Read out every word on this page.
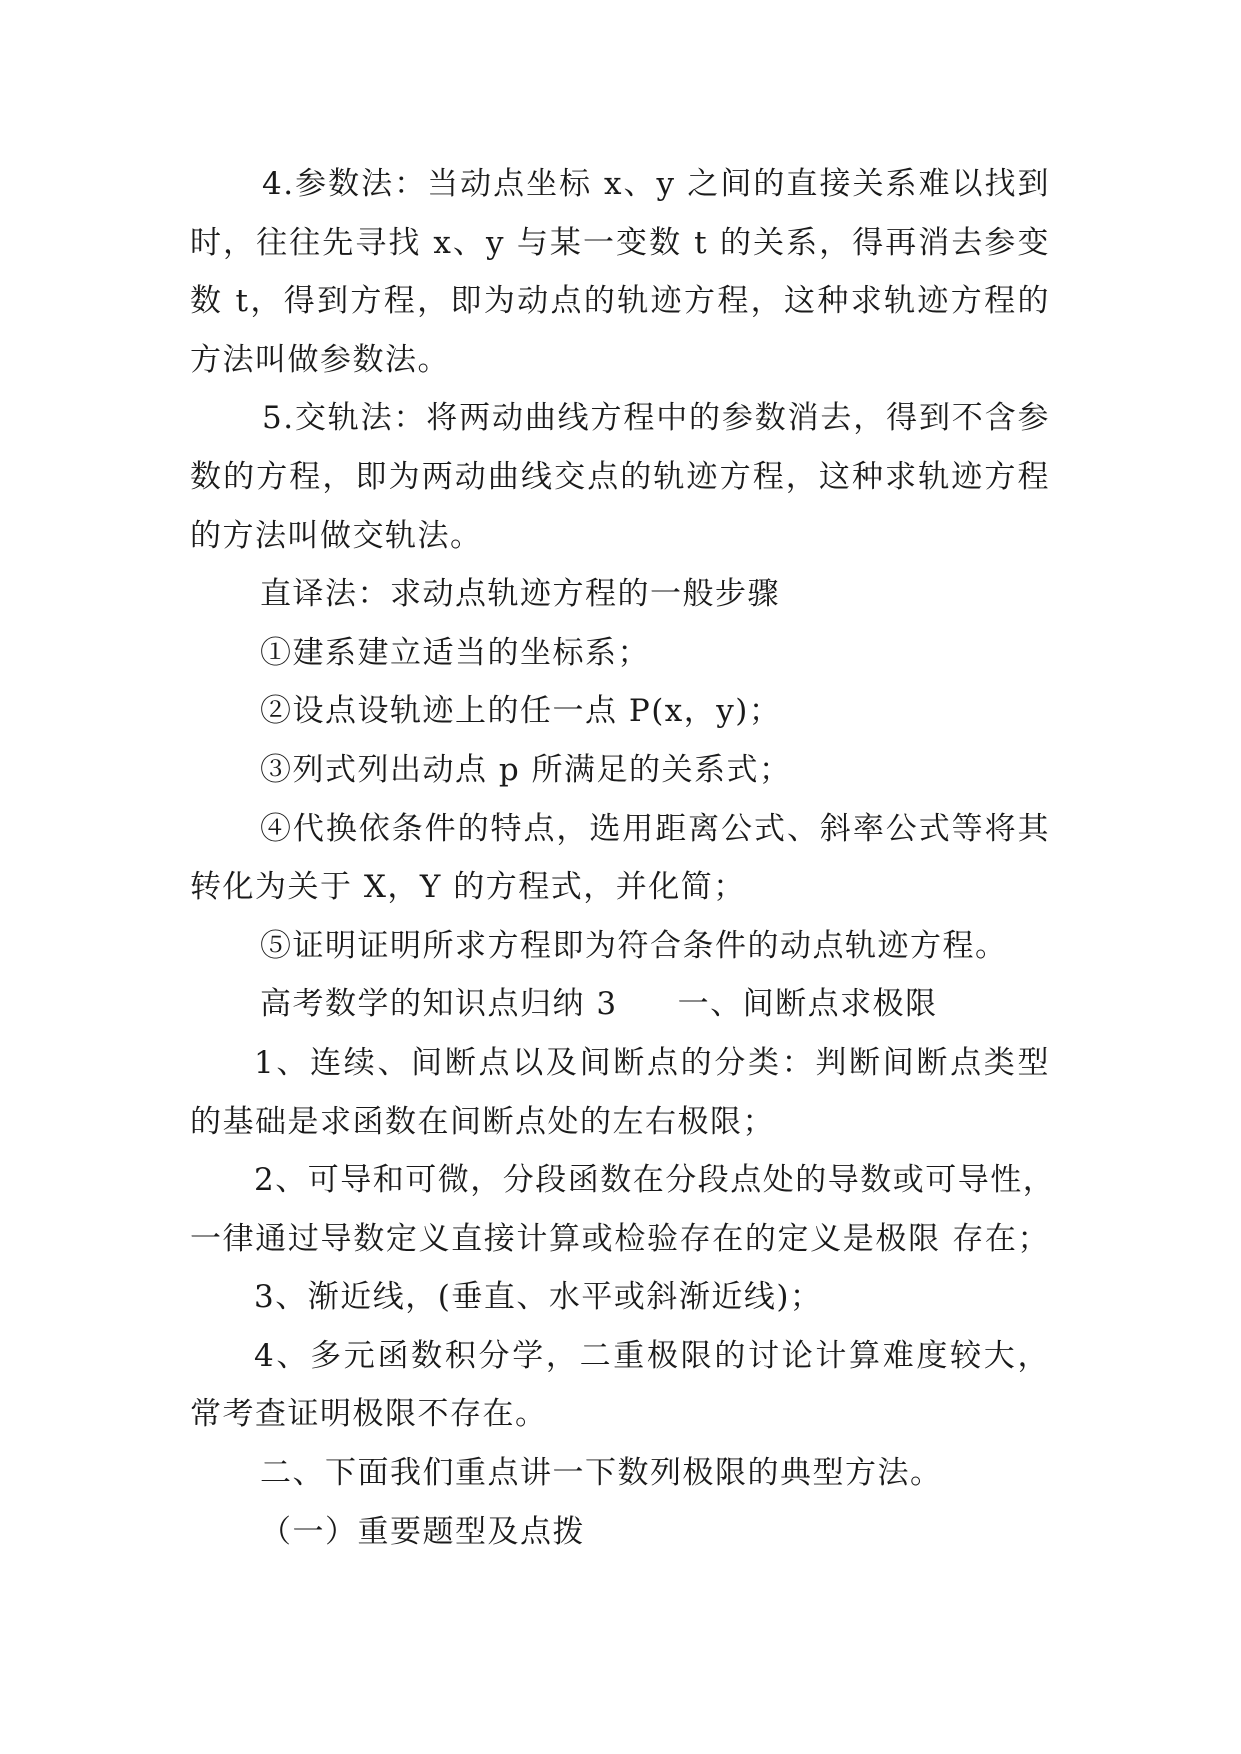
4.参数法：当动点坐标 x、y 之间的直接关系难以找到
时，往往先寻找 x、y 与某一变数 t 的关系，得再消去参变
数 t，得到方程，即为动点的轨迹方程，这种求轨迹方程的
方法叫做参数法。
5.交轨法：将两动曲线方程中的参数消去，得到不含参
数的方程，即为两动曲线交点的轨迹方程，这种求轨迹方程
的方法叫做交轨法。
直译法：求动点轨迹方程的一般步骤
①建系建立适当的坐标系；
②设点设轨迹上的任一点 P(x，y)；
③列式列出动点 p 所满足的关系式；
④代换依条件的特点，选用距离公式、斜率公式等将其
转化为关于 X，Y 的方程式，并化简；
⑤证明证明所求方程即为符合条件的动点轨迹方程。
高考数学的知识点归纳 3 一、间断点求极限
1、连续、间断点以及间断点的分类：判断间断点类型
的基础是求函数在间断点处的左右极限；
2、可导和可微，分段函数在分段点处的导数或可导性，
一律通过导数定义直接计算或检验存在的定义是极限 存在；
3、渐近线，(垂直、水平或斜渐近线)；
4、多元函数积分学，二重极限的讨论计算难度较大，
常考查证明极限不存在。
二、下面我们重点讲一下数列极限的典型方法。
（一）重要题型及点拨
